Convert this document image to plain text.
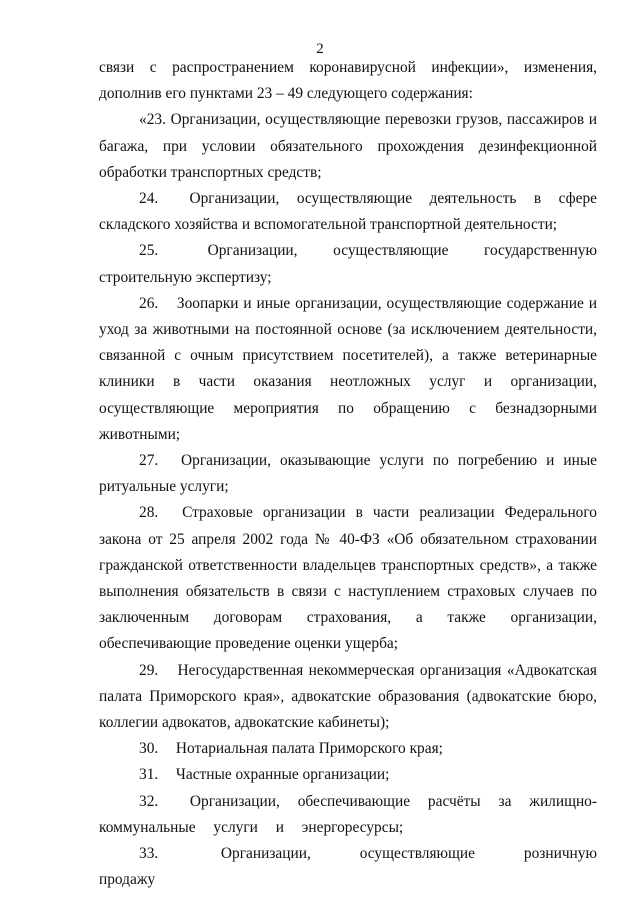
2

связи с распространением коронавирусной инфекции», изменения, дополнив его пунктами 23 – 49 следующего содержания:

«23. Организации, осуществляющие перевозки грузов, пассажиров и багажа, при условии обязательного прохождения дезинфекционной обработки транспортных средств;

24. Организации, осуществляющие деятельность в сфере складского хозяйства и вспомогательной транспортной деятельности;

25.	Организации, осуществляющие государственную строительную экспертизу;

26. Зоопарки и иные организации, осуществляющие содержание и уход за животными на постоянной основе (за исключением деятельности, связанной с очным присутствием посетителей), а также ветеринарные клиники в части оказания неотложных услуг и организации, осуществляющие мероприятия по обращению с безнадзорными животными;

27. Организации, оказывающие услуги по погребению и иные ритуальные услуги;

28. Страховые организации в части реализации Федерального закона от 25 апреля 2002 года № 40-ФЗ «Об обязательном страховании гражданской ответственности владельцев транспортных средств», а также выполнения обязательств в связи с наступлением страховых случаев по заключенным договорам страхования, а также организации, обеспечивающие проведение оценки ущерба;

29. Негосударственная некоммерческая организация «Адвокатская палата Приморского края», адвокатские образования (адвокатские бюро, коллегии адвокатов, адвокатские кабинеты);

30. Нотариальная палата Приморского края;

31. Частные охранные организации;

32. Организации, обеспечивающие расчёты за жилищно-коммунальные услуги и энергоресурсы;

33.	Организации, осуществляющие розничную продажу
